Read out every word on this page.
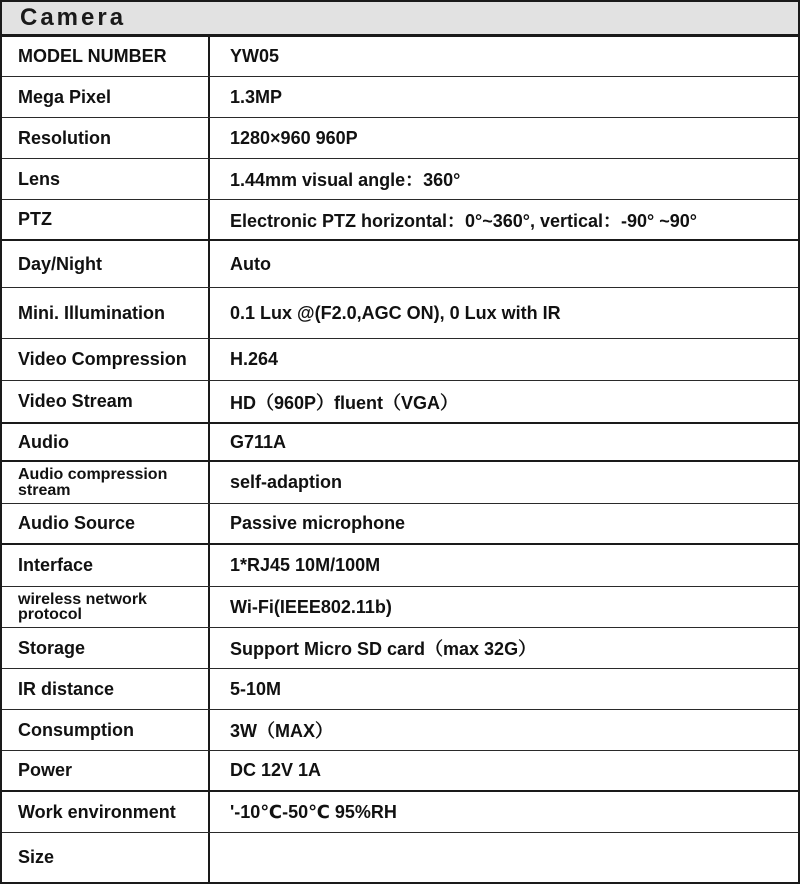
Camera
MODEL NUMBER	YW05
Mega Pixel	1.3MP
Resolution	1280×960 960P
Lens	1.44mm visual angle：360°
PTZ	Electronic PTZ horizontal：0°~360°, vertical：-90° ~90°
Day/Night	Auto
Mini. Illumination	0.1 Lux @(F2.0,AGC ON), 0 Lux with IR
Video Compression	H.264
Video Stream	HD（960P）fluent（VGA）
Audio	G711A
Audio compression stream	self-adaption
Audio Source	Passive microphone
Interface	1*RJ45 10M/100M
wireless network protocol	Wi-Fi(IEEE802.11b)
Storage	Support Micro SD card（max 32G）
IR distance	5-10M
Consumption	3W（MAX）
Power	DC 12V 1A
Work environment	'-10℃-50℃ 95%RH
Size
